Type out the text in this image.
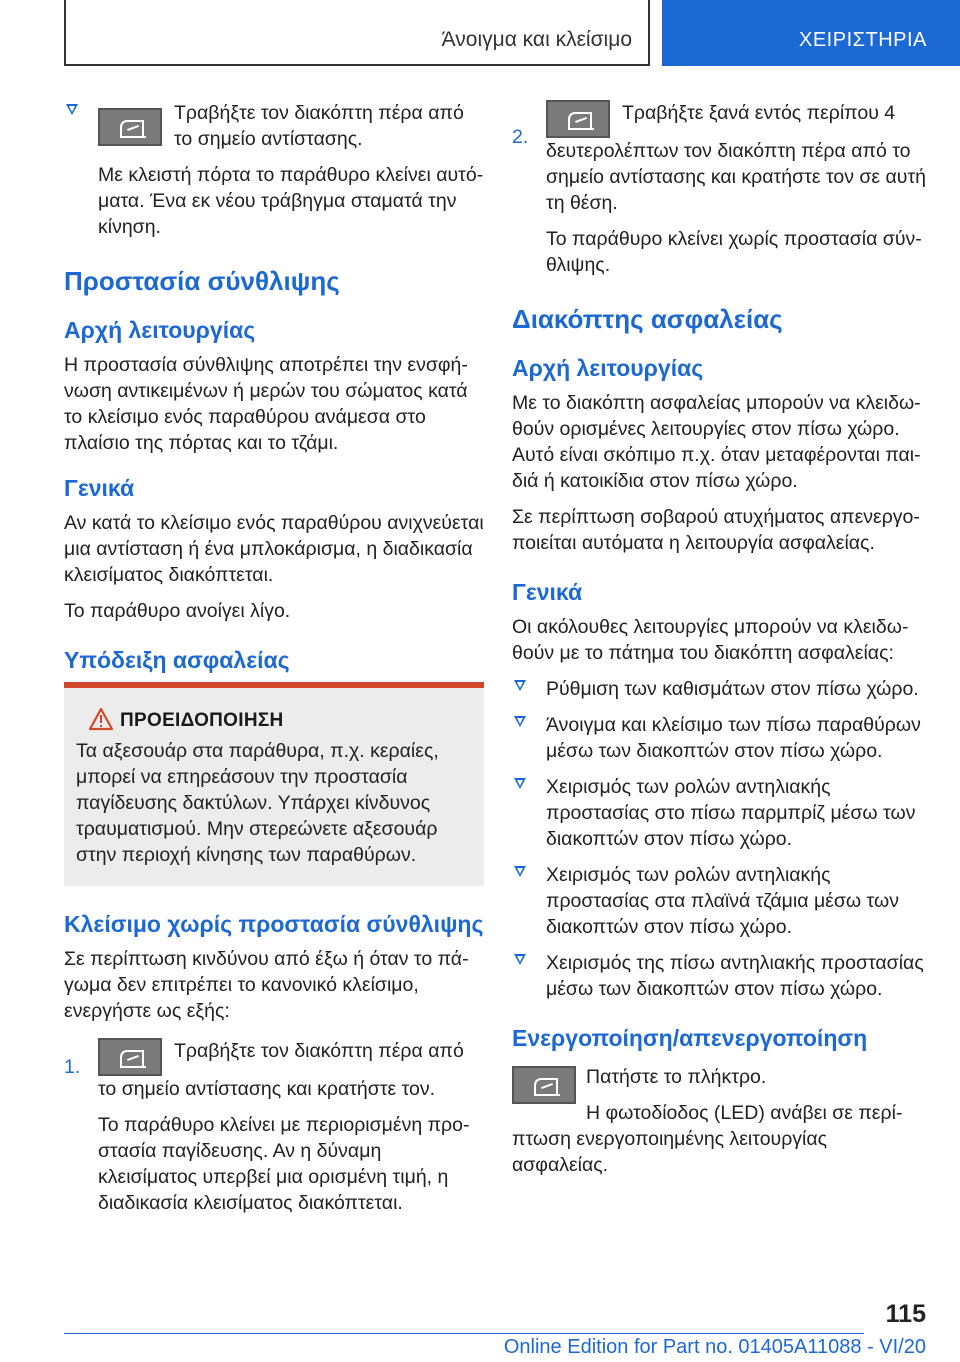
Άνοιγμα και κλείσιμο	ΧΕΙΡΙΣΤΗΡΙΑ

Τραβήξτε τον διακόπτη πέρα από το σημείο αντίστασης.

Με κλειστή πόρτα το παράθυρο κλείνει αυτόματα. Ένα εκ νέου τράβηγμα σταματά την κίνηση.

Προστασία σύνθλιψης
Αρχή λειτουργίας

Η προστασία σύνθλιψης αποτρέπει την ενσφήνωση αντικειμένων ή μερών του σώματος κατά το κλείσιμο ενός παραθύρου ανάμεσα στο πλαίσιο της πόρτας και το τζάμι.

Γενικά

Αν κατά το κλείσιμο ενός παραθύρου ανιχνεύεται μια αντίσταση ή ένα μπλοκάρισμα, η διαδικασία κλεισίματος διακόπτεται.

Το παράθυρο ανοίγει λίγο.

Υπόδειξη ασφαλείας
ΠΡΟΕΙΔΟΠΟΙΗΣΗ

Τα αξεσουάρ στα παράθυρα, π.χ. κεραίες, μπορεί να επηρεάσουν την προστασία παγίδευσης δακτύλων. Υπάρχει κίνδυνος τραυματισμού. Μην στερεώνετε αξεσουάρ στην περιοχή κίνησης των παραθύρων.

Κλείσιμο χωρίς προστασία σύνθλιψης

Σε περίπτωση κινδύνου από έξω ή όταν το πάγωμα δεν επιτρέπει το κανονικό κλείσιμο, ενεργήστε ως εξής:

1.

Τραβήξτε τον διακόπτη πέρα από το σημείο αντίστασης και κρατήστε τον.

Το παράθυρο κλείνει με περιορισμένη προστασία παγίδευσης. Αν η δύναμη κλεισίματος υπερβεί μια ορισμένη τιμή, η διαδικασία κλεισίματος διακόπτεται.

2.

Τραβήξτε ξανά εντός περίπου 4 δευτερολέπτων τον διακόπτη πέρα από το σημείο αντίστασης και κρατήστε τον σε αυτή τη θέση.

Το παράθυρο κλείνει χωρίς προστασία σύνθλιψης.

Διακόπτης ασφαλείας
Αρχή λειτουργίας

Με το διακόπτη ασφαλείας μπορούν να κλειδωθούν ορισμένες λειτουργίες στον πίσω χώρο. Αυτό είναι σκόπιμο π.χ. όταν μεταφέρονται παιδιά ή κατοικίδια στον πίσω χώρο.

Σε περίπτωση σοβαρού ατυχήματος απενεργοποιείται αυτόματα η λειτουργία ασφαλείας.

Γενικά

Οι ακόλουθες λειτουργίες μπορούν να κλειδωθούν με το πάτημα του διακόπτη ασφαλείας:

Ρύθμιση των καθισμάτων στον πίσω χώρο.

Άνοιγμα και κλείσιμο των πίσω παραθύρων μέσω των διακοπτών στον πίσω χώρο.

Χειρισμός των ρολών αντηλιακής προστασίας στο πίσω παρμπρίζ μέσω των διακοπτών στον πίσω χώρο.

Χειρισμός των ρολών αντηλιακής προστασίας στα πλαϊνά τζάμια μέσω των διακοπτών στον πίσω χώρο.

Χειρισμός της πίσω αντηλιακής προστασίας μέσω των διακοπτών στον πίσω χώρο.

Ενεργοποίηση/απενεργοποίηση

Πατήστε το πλήκτρο.

Η φωτοδίοδος (LED) ανάβει σε περίπτωση ενεργοποιημένης λειτουργίας ασφαλείας.

115
Online Edition for Part no. 01405A11088 - VI/20
